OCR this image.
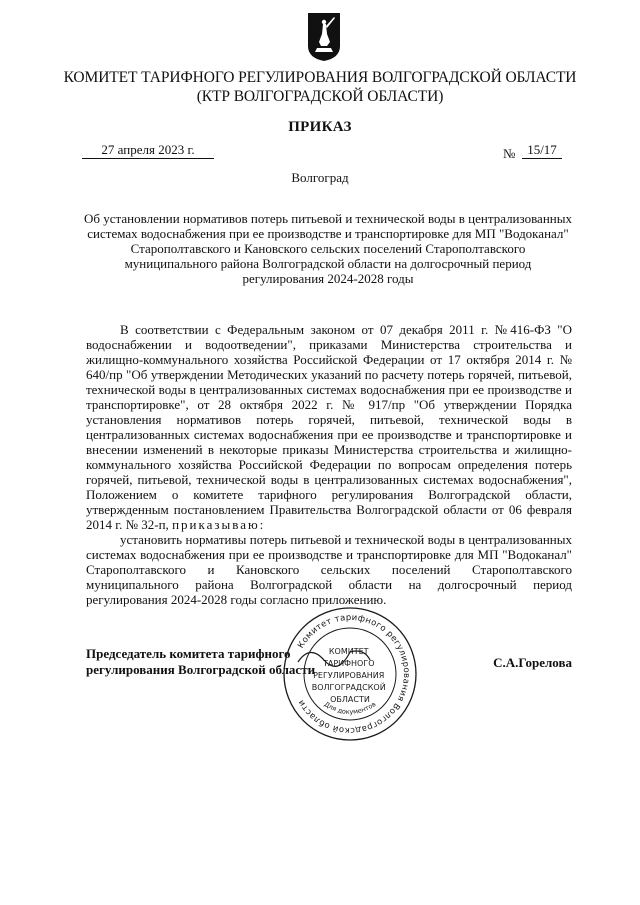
КОМИТЕТ ТАРИФНОГО РЕГУЛИРОВАНИЯ ВОЛГОГРАДСКОЙ ОБЛАСТИ
(КТР ВОЛГОГРАДСКОЙ ОБЛАСТИ)
ПРИКАЗ
27 апреля 2023 г.	№ 15/17
Волгоград
Об установлении нормативов потерь питьевой и технической воды в централизованных
системах водоснабжения при ее производстве и транспортировке для МП "Водоканал"
Старополтавского и Кановского сельских поселений Старополтавского
муниципального района Волгоградской области на долгосрочный период
регулирования 2024-2028 годы

В соответствии с Федеральным законом от 07 декабря 2011 г. №416-ФЗ "О водоснабжении и водоотведении", приказами Министерства строительства и жилищно-коммунального хозяйства Российской Федерации от 17 октября 2014 г. № 640/пр "Об утверждении Методических указаний по расчету потерь горячей, питьевой, технической воды в централизованных системах водоснабжения при ее производстве и транспортировке", от 28 октября 2022 г. № 917/пр "Об утверждении Порядка установления нормативов потерь горячей, питьевой, технической воды в централизованных системах водоснабжения при ее производстве и транспортировке и внесении изменений в некоторые приказы Министерства строительства и жилищно-коммунального хозяйства Российской Федерации по вопросам определения потерь горячей, питьевой, технической воды в централизованных системах водоснабжения", Положением о комитете тарифного регулирования Волгоградской области, утвержденным постановлением Правительства Волгоградской области от 06 февраля 2014 г. № 32-п, приказываю:

установить нормативы потерь питьевой и технической воды в централизованных системах водоснабжения при ее производстве и транспортировке для МП "Водоканал" Старополтавского и Кановского сельских поселений Старополтавского муниципального района Волгоградской области на долгосрочный период регулирования 2024-2028 годы согласно приложению.

Председатель комитета тарифного
регулирования Волгоградской области	С.А.Горелова
Комитет тарифного регулирования Волгоградской области
КОМИТЕТ ТАРИФНОГО РЕГУЛИРОВАНИЯ ВОЛГОГРАДСКОЙ ОБЛАСТИ
Для документов
